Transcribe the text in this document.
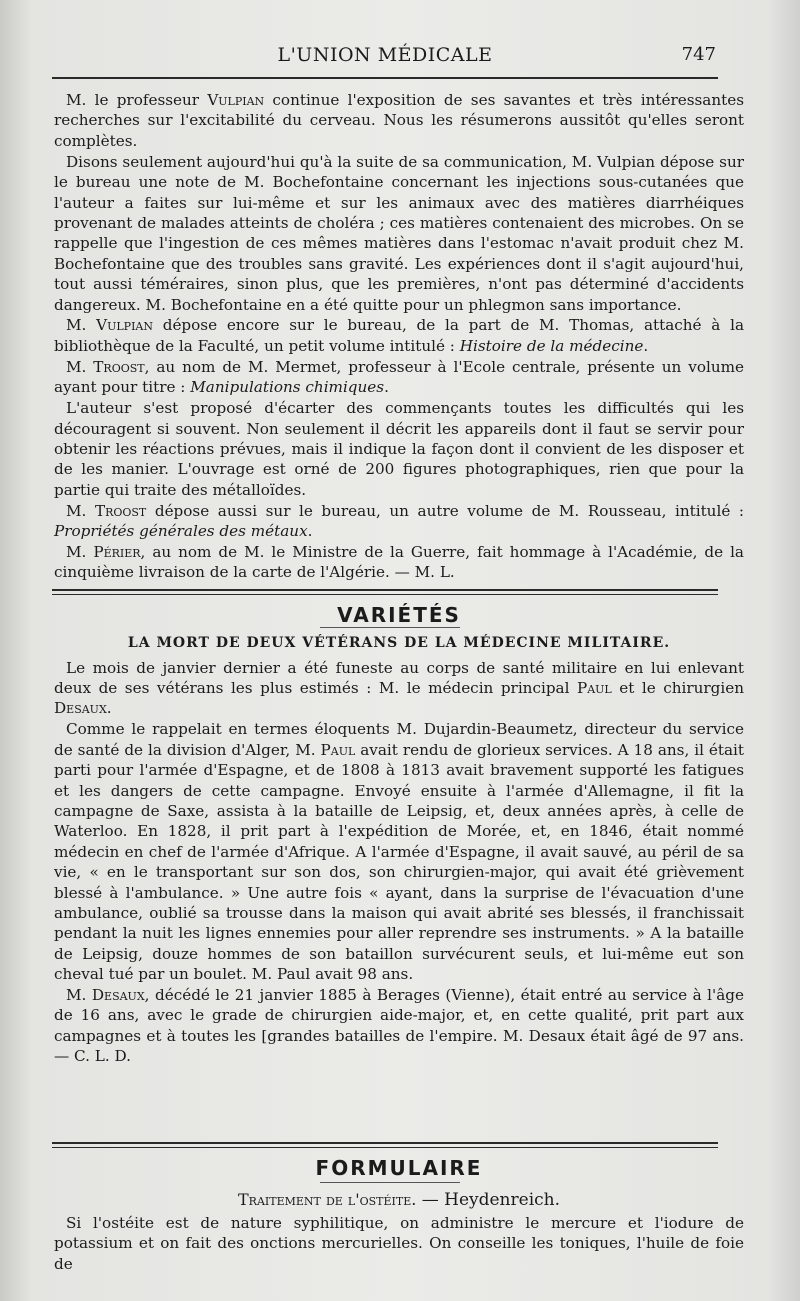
L'UNION MÉDICALE	747

M. le professeur Vulpian continue l'exposition de ses savantes et très intéressantes recherches sur l'excitabilité du cerveau. Nous les résumerons aussitôt qu'elles seront complètes.

Disons seulement aujourd'hui qu'à la suite de sa communication, M. Vulpian dépose sur le bureau une note de M. Bochefontaine concernant les injections sous-cutanées que l'auteur a faites sur lui-même et sur les animaux avec des matières diarrhéiques provenant de malades atteints de choléra ; ces matières contenaient des microbes. On se rappelle que l'ingestion de ces mêmes matières dans l'estomac n'avait produit chez M. Bochefontaine que des troubles sans gravité. Les expériences dont il s'agit aujourd'hui, tout aussi téméraires, sinon plus, que les premières, n'ont pas déterminé d'accidents dangereux. M. Bochefontaine en a été quitte pour un phlegmon sans importance.

M. Vulpian dépose encore sur le bureau, de la part de M. Thomas, attaché à la bibliothèque de la Faculté, un petit volume intitulé : Histoire de la médecine.

M. Troost, au nom de M. Mermet, professeur à l'Ecole centrale, présente un volume ayant pour titre : Manipulations chimiques.

L'auteur s'est proposé d'écarter des commençants toutes les difficultés qui les découragent si souvent. Non seulement il décrit les appareils dont il faut se servir pour obtenir les réactions prévues, mais il indique la façon dont il convient de les disposer et de les manier. L'ouvrage est orné de 200 figures photographiques, rien que pour la partie qui traite des métalloïdes.

M. Troost dépose aussi sur le bureau, un autre volume de M. Rousseau, intitulé : Propriétés générales des métaux.

M. Périer, au nom de M. le Ministre de la Guerre, fait hommage à l'Académie, de la cinquième livraison de la carte de l'Algérie. — M. L.

VARIÉTÉS
LA MORT DE DEUX VÉTÉRANS DE LA MÉDECINE MILITAIRE.

Le mois de janvier dernier a été funeste au corps de santé militaire en lui enlevant deux de ses vétérans les plus estimés : M. le médecin principal Paul et le chirurgien Desaux.

Comme le rappelait en termes éloquents M. Dujardin-Beaumetz, directeur du service de santé de la division d'Alger, M. Paul avait rendu de glorieux services. A 18 ans, il était parti pour l'armée d'Espagne, et de 1808 à 1813 avait bravement supporté les fatigues et les dangers de cette campagne. Envoyé ensuite à l'armée d'Allemagne, il fit la campagne de Saxe, assista à la bataille de Leipsig, et, deux années après, à celle de Waterloo. En 1828, il prit part à l'expédition de Morée, et, en 1846, était nommé médecin en chef de l'armée d'Afrique. A l'armée d'Espagne, il avait sauvé, au péril de sa vie, « en le transportant sur son dos, son chirurgien-major, qui avait été grièvement blessé à l'ambulance. » Une autre fois « ayant, dans la surprise de l'évacuation d'une ambulance, oublié sa trousse dans la maison qui avait abrité ses blessés, il franchissait pendant la nuit les lignes ennemies pour aller reprendre ses instruments. » A la bataille de Leipsig, douze hommes de son bataillon survécurent seuls, et lui-même eut son cheval tué par un boulet. M. Paul avait 98 ans.

M. Desaux, décédé le 21 janvier 1885 à Berages (Vienne), était entré au service à l'âge de 16 ans, avec le grade de chirurgien aide-major, et, en cette qualité, prit part aux campagnes et à toutes les [grandes batailles de l'empire. M. Desaux était âgé de 97 ans. — C. L. D.

FORMULAIRE
Traitement de l'ostéite. — Heydenreich.

Si l'ostéite est de nature syphilitique, on administre le mercure et l'iodure de potassium et on fait des onctions mercurielles. On conseille les toniques, l'huile de foie de
